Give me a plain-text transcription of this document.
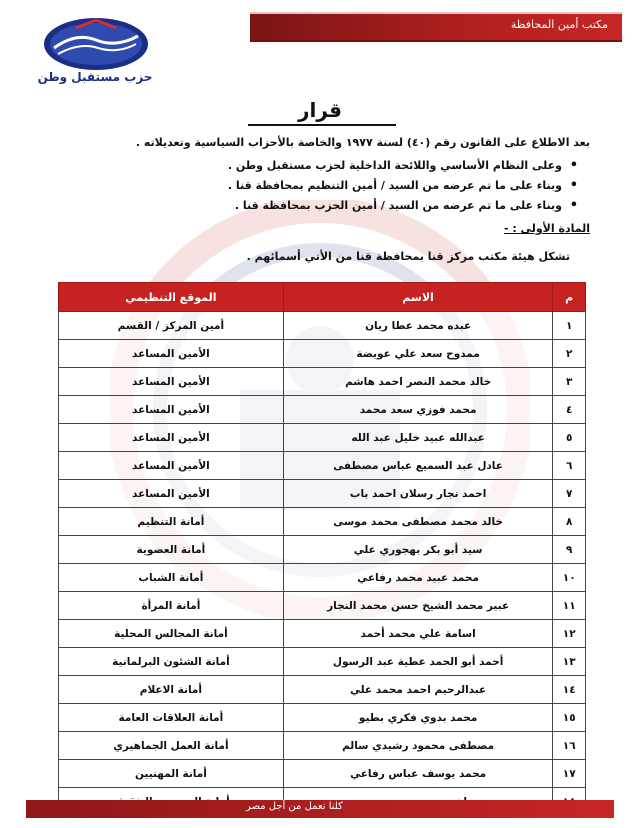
مكتب أمين المحافظة
حزب مستقبل وطن
قرار
بعد الاطلاع على القانون رقم (٤٠) لسنة ١٩٧٧ والخاصة بالأحزاب السياسية وتعديلاته .
• وعلى النظام الأساسي واللائحة الداخلية لحزب مستقبل وطن .
• وبناء على ما تم عرضه من السيد / أمين التنظيم بمحافظة قنا .
• وبناء على ما تم عرضه من السيد / أمين الحزب بمحافظة قنا .
المادة الأولى : -
تشكل هيئة مكتب مركز قنا بمحافظة قنا من الأتي أسمائهم .
م	الاسم	الموقع التنظيمي
١	عبده محمد عطا ريان	أمين المركز / القسم
٢	ممدوح سعد علي عويضة	الأمين المساعد
٣	خالد محمد النصر احمد هاشم	الأمين المساعد
٤	محمد فوزي سعد محمد	الأمين المساعد
٥	عبدالله عبيد خليل عبد الله	الأمين المساعد
٦	عادل عبد السميع عباس مصطفى	الأمين المساعد
٧	احمد نجار رسلان احمد باب	الأمين المساعد
٨	خالد محمد مصطفى محمد موسى	أمانة التنظيم
٩	سيد أبو بكر بهجوري علي	أمانة العضوية
١٠	محمد عبيد محمد رفاعي	أمانة الشباب
١١	عبير محمد الشيخ حسن محمد النجار	أمانة المرأة
١٢	اسامة علي محمد أحمد	أمانة المجالس المحلية
١٣	أحمد أبو الحمد عطية عبد الرسول	أمانة الشئون البرلمانية
١٤	عبدالرحيم احمد محمد علي	أمانة الاعلام
١٥	محمد بدوي فكري بطيو	أمانة العلاقات العامة
١٦	مصطفى محمود رشيدي سالم	أمانة العمل الجماهيري
١٧	محمد يوسف عباس رفاعي	أمانة المهنيين

كلنا نعمل من أجل مصر
